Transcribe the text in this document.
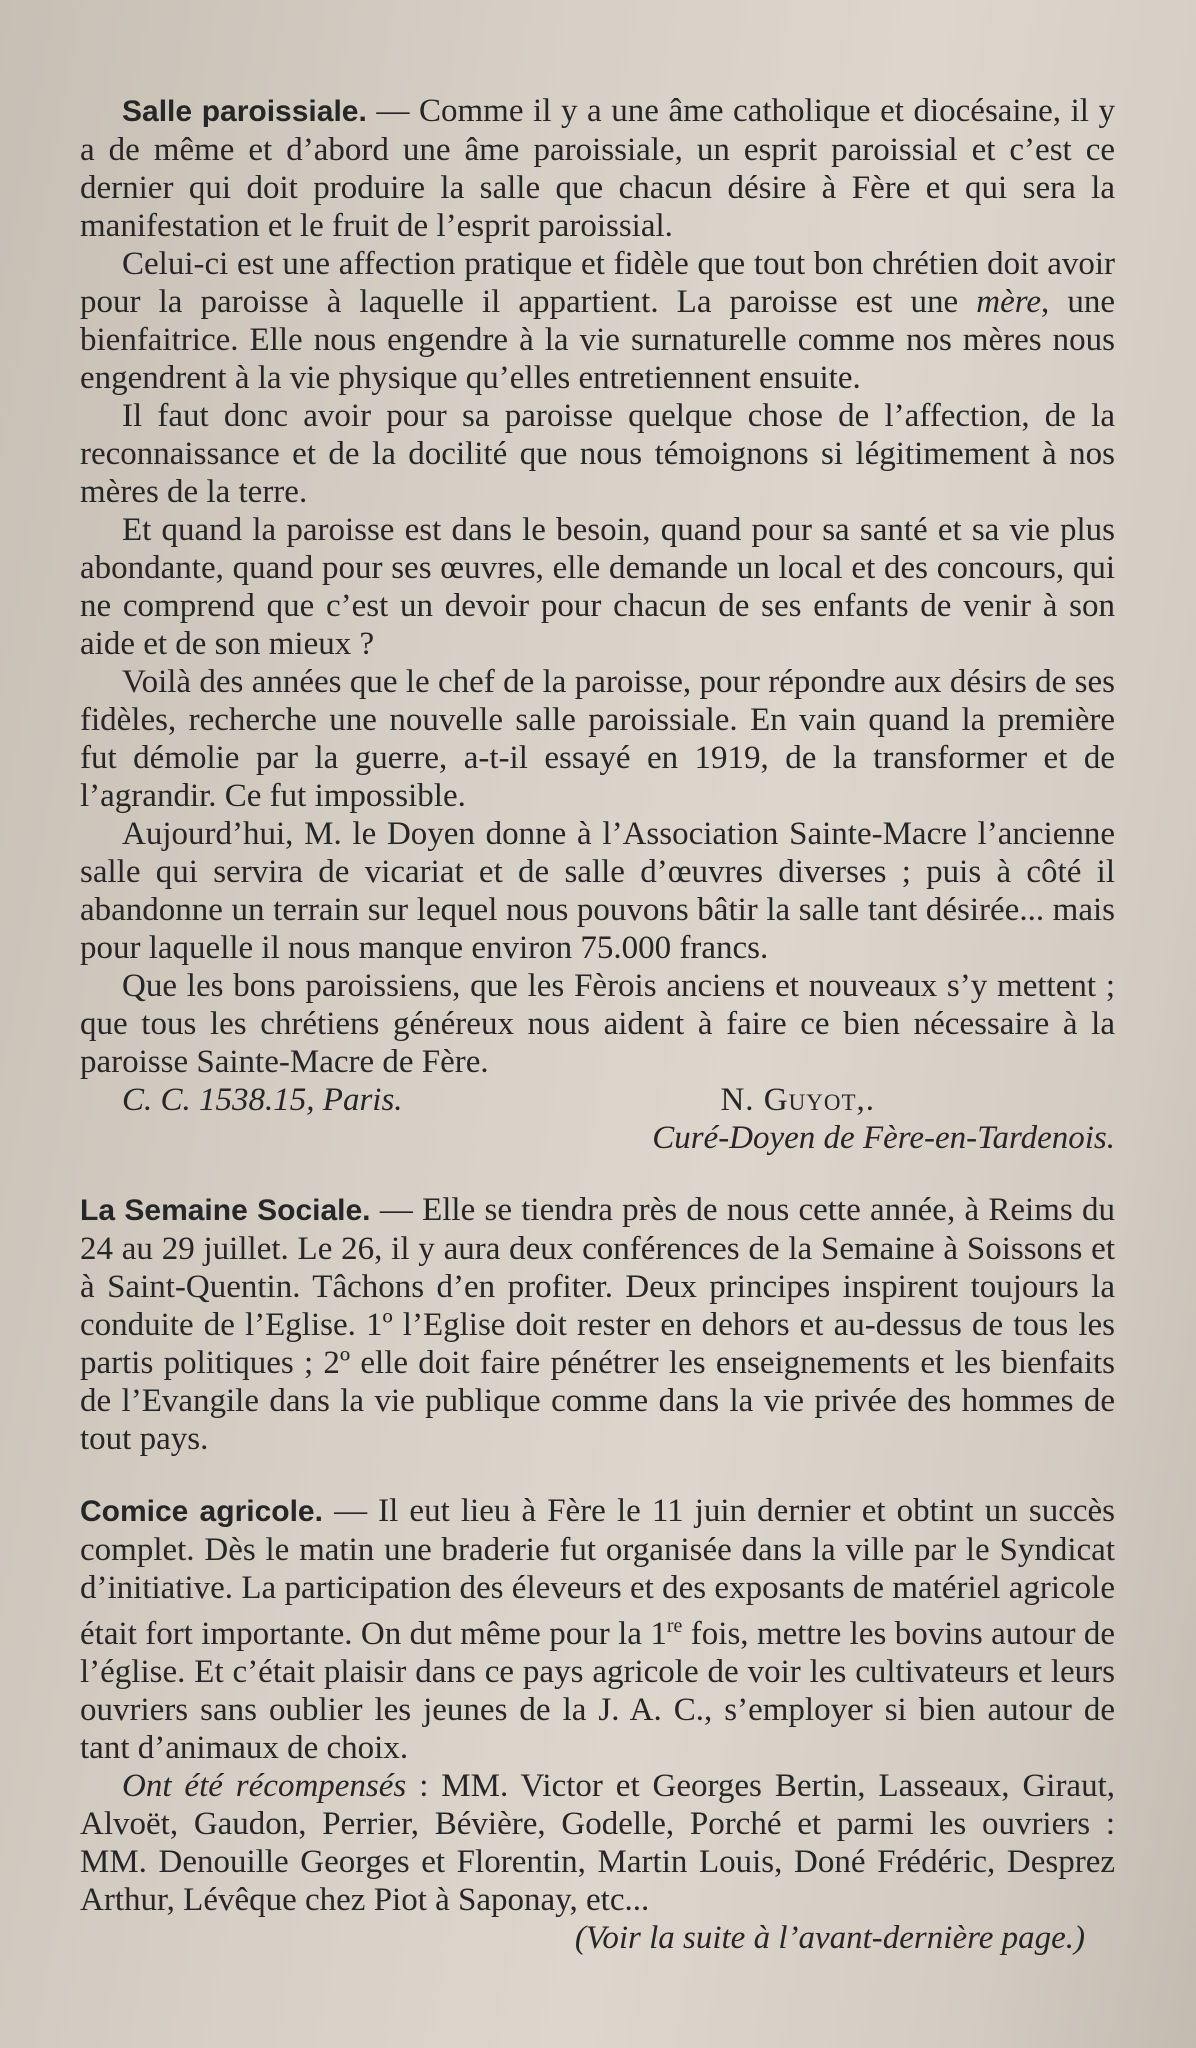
Salle paroissiale. — Comme il y a une âme catholique et diocésaine, il y a de même et d’abord une âme paroissiale, un esprit paroissial et c’est ce dernier qui doit produire la salle que chacun désire à Fère et qui sera la manifestation et le fruit de l’esprit paroissial.

Celui-ci est une affection pratique et fidèle que tout bon chrétien doit avoir pour la paroisse à laquelle il appartient. La paroisse est une mère, une bienfaitrice. Elle nous engendre à la vie surnaturelle comme nos mères nous engendrent à la vie physique qu’elles entretiennent ensuite.

Il faut donc avoir pour sa paroisse quelque chose de l’affection, de la reconnaissance et de la docilité que nous témoignons si légitimement à nos mères de la terre.

Et quand la paroisse est dans le besoin, quand pour sa santé et sa vie plus abondante, quand pour ses œuvres, elle demande un local et des concours, qui ne comprend que c’est un devoir pour chacun de ses enfants de venir à son aide et de son mieux ?

Voilà des années que le chef de la paroisse, pour répondre aux désirs de ses fidèles, recherche une nouvelle salle paroissiale. En vain quand la première fut démolie par la guerre, a-t-il essayé en 1919, de la transformer et de l’agrandir. Ce fut impossible.

Aujourd’hui, M. le Doyen donne à l’Association Sainte-Macre l’ancienne salle qui servira de vicariat et de salle d’œuvres diverses ; puis à côté il abandonne un terrain sur lequel nous pouvons bâtir la salle tant désirée... mais pour laquelle il nous manque environ 75.000 francs.

Que les bons paroissiens, que les Fèrois anciens et nouveaux s’y mettent ; que tous les chrétiens généreux nous aident à faire ce bien nécessaire à la paroisse Sainte-Macre de Fère.

C. C. 1538.15, Paris.	N. Guyot,.

Curé-Doyen de Fère-en-Tardenois.

La Semaine Sociale. — Elle se tiendra près de nous cette année, à Reims du 24 au 29 juillet. Le 26, il y aura deux conférences de la Semaine à Soissons et à Saint-Quentin. Tâchons d’en profiter. Deux principes inspirent toujours la conduite de l’Eglise. 1º l’Eglise doit rester en dehors et au-dessus de tous les partis politiques ; 2º elle doit faire pénétrer les enseignements et les bienfaits de l’Evangile dans la vie publique comme dans la vie privée des hommes de tout pays.

Comice agricole. — Il eut lieu à Fère le 11 juin dernier et obtint un succès complet. Dès le matin une braderie fut organisée dans la ville par le Syndicat d’initiative. La participation des éleveurs et des exposants de matériel agricole était fort importante. On dut même pour la 1re fois, mettre les bovins autour de l’église. Et c’était plaisir dans ce pays agricole de voir les cultivateurs et leurs ouvriers sans oublier les jeunes de la J. A. C., s’employer si bien autour de tant d’animaux de choix.

Ont été récompensés : MM. Victor et Georges Bertin, Lasseaux, Giraut, Alvoët, Gaudon, Perrier, Bévière, Godelle, Porché et parmi les ouvriers : MM. Denouille Georges et Florentin, Martin Louis, Doné Frédéric, Desprez Arthur, Lévêque chez Piot à Saponay, etc...

(Voir la suite à l’avant-dernière page.)
